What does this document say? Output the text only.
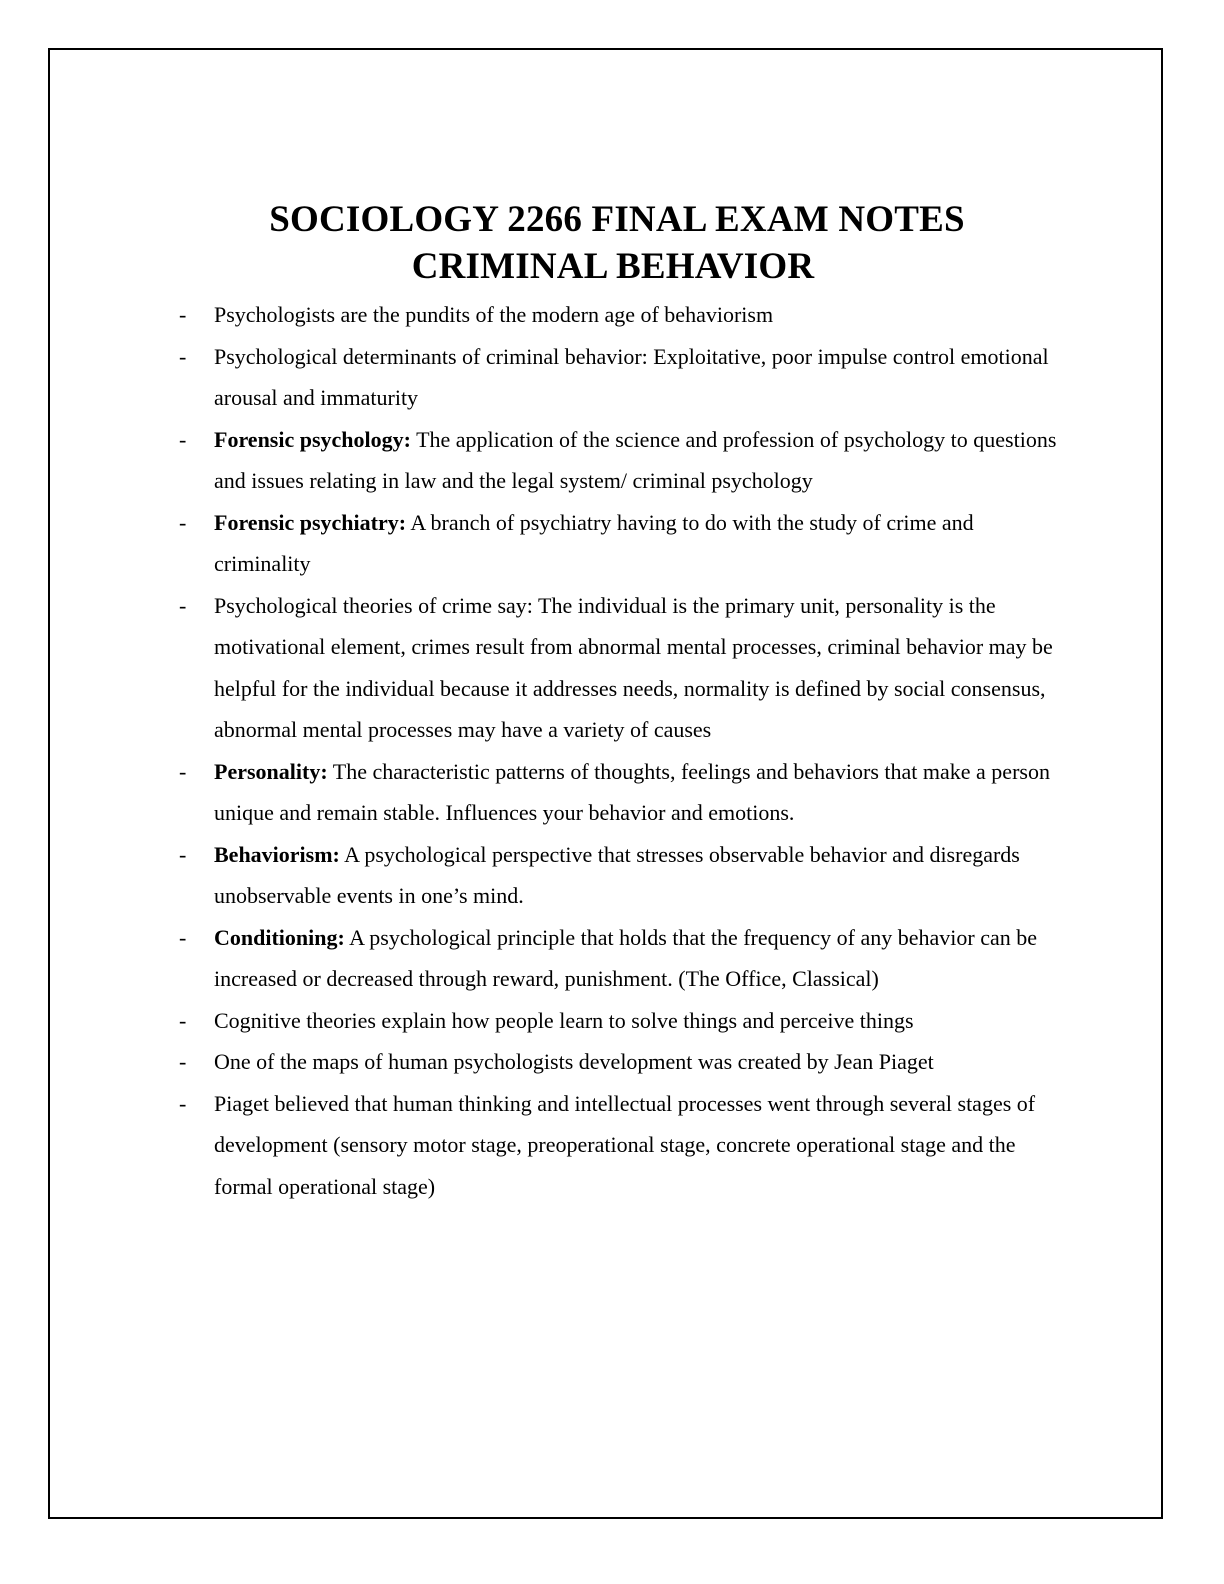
SOCIOLOGY 2266 FINAL EXAM NOTES
CRIMINAL BEHAVIOR
- Psychologists are the pundits of the modern age of behaviorism
- Psychological determinants of criminal behavior: Exploitative, poor impulse control emotional arousal and immaturity
- Forensic psychology: The application of the science and profession of psychology to questions and issues relating in law and the legal system/ criminal psychology
- Forensic psychiatry: A branch of psychiatry having to do with the study of crime and criminality
- Psychological theories of crime say: The individual is the primary unit, personality is the motivational element, crimes result from abnormal mental processes, criminal behavior may be helpful for the individual because it addresses needs, normality is defined by social consensus, abnormal mental processes may have a variety of causes
- Personality: The characteristic patterns of thoughts, feelings and behaviors that make a person unique and remain stable. Influences your behavior and emotions.
- Behaviorism: A psychological perspective that stresses observable behavior and disregards unobservable events in one’s mind.
- Conditioning: A psychological principle that holds that the frequency of any behavior can be increased or decreased through reward, punishment. (The Office, Classical)
- Cognitive theories explain how people learn to solve things and perceive things
- One of the maps of human psychologists development was created by Jean Piaget
- Piaget believed that human thinking and intellectual processes went through several stages of development (sensory motor stage, preoperational stage, concrete operational stage and the formal operational stage)
